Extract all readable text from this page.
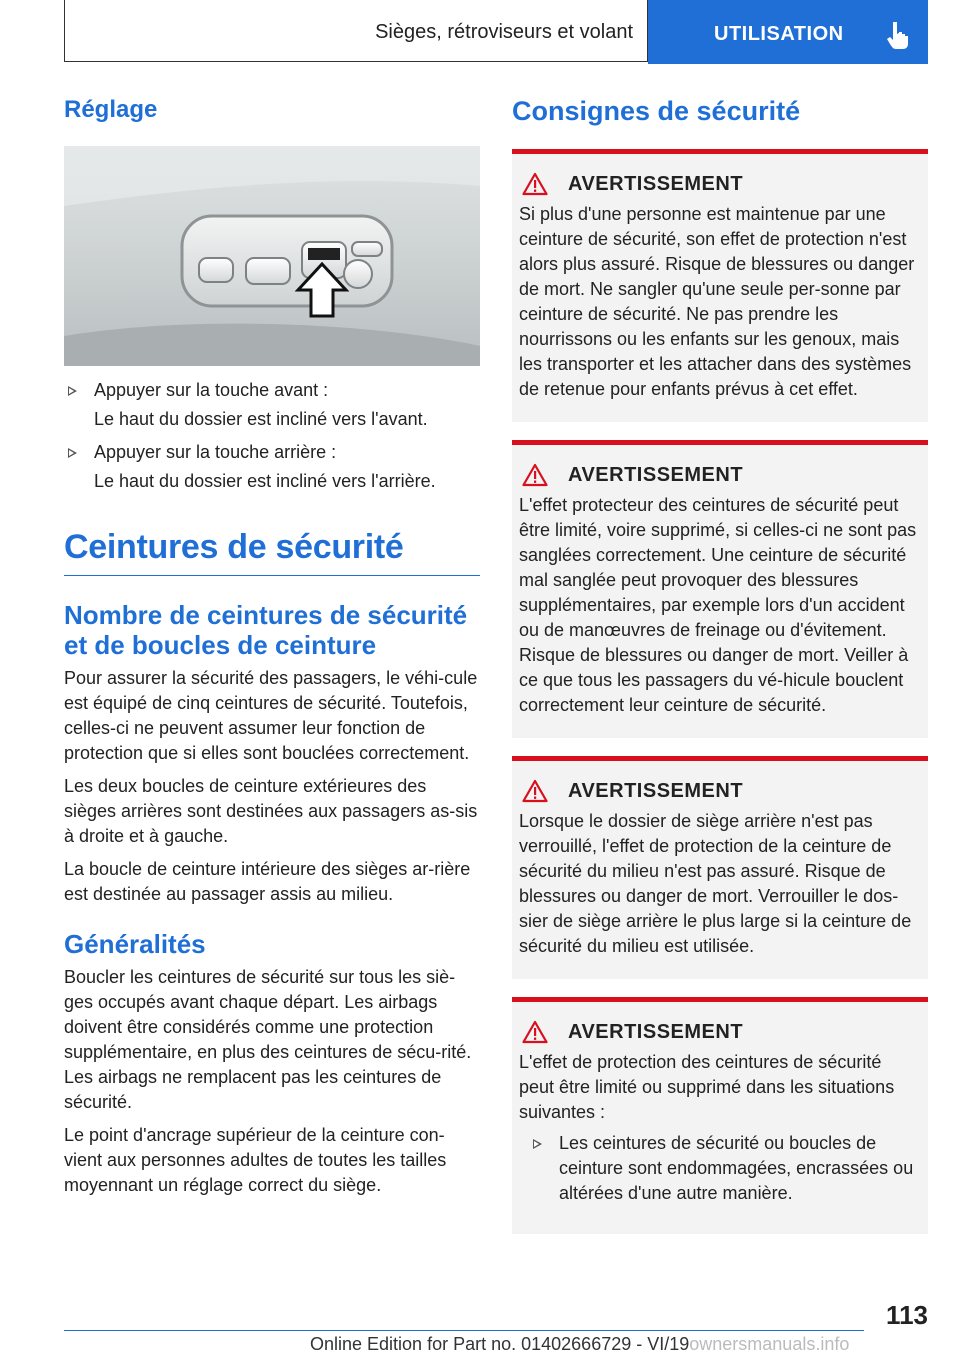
Sièges, rétroviseurs et volant	UTILISATION
Réglage
Appuyer sur la touche avant :
Le haut du dossier est incliné vers l'avant.
Appuyer sur la touche arrière :
Le haut du dossier est incliné vers l'arrière.
Ceintures de sécurité
Nombre de ceintures de sécurité et de boucles de ceinture

Pour assurer la sécurité des passagers, le véhi-cule est équipé de cinq ceintures de sécurité. Toutefois, celles-ci ne peuvent assumer leur fonction de protection que si elles sont bouclées correctement.

Les deux boucles de ceinture extérieures des sièges arrières sont destinées aux passagers as-sis à droite et à gauche.

La boucle de ceinture intérieure des sièges ar-rière est destinée au passager assis au milieu.

Généralités

Boucler les ceintures de sécurité sur tous les siè-ges occupés avant chaque départ. Les airbags doivent être considérés comme une protection supplémentaire, en plus des ceintures de sécu-rité. Les airbags ne remplacent pas les ceintures de sécurité.

Le point d'ancrage supérieur de la ceinture con-vient aux personnes adultes de toutes les tailles moyennant un réglage correct du siège.

Consignes de sécurité
AVERTISSEMENT

Si plus d'une personne est maintenue par une ceinture de sécurité, son effet de protection n'est alors plus assuré. Risque de blessures ou danger de mort. Ne sangler qu'une seule per-sonne par ceinture de sécurité. Ne pas prendre les nourrissons ou les enfants sur les genoux, mais les transporter et les attacher dans des systèmes de retenue pour enfants prévus à cet effet.

AVERTISSEMENT

L'effet protecteur des ceintures de sécurité peut être limité, voire supprimé, si celles-ci ne sont pas sanglées correctement. Une ceinture de sécurité mal sanglée peut provoquer des blessures supplémentaires, par exemple lors d'un accident ou de manœuvres de freinage ou d'évitement. Risque de blessures ou danger de mort. Veiller à ce que tous les passagers du vé-hicule bouclent correctement leur ceinture de sécurité.

AVERTISSEMENT

Lorsque le dossier de siège arrière n'est pas verrouillé, l'effet de protection de la ceinture de sécurité du milieu n'est pas assuré. Risque de blessures ou danger de mort. Verrouiller le dos-sier de siège arrière le plus large si la ceinture de sécurité du milieu est utilisée.

AVERTISSEMENT

L'effet de protection des ceintures de sécurité peut être limité ou supprimé dans les situations suivantes :

Les ceintures de sécurité ou boucles de ceinture sont endommagées, encrassées ou altérées d'une autre manière.
113
Online Edition for Part no. 01402666729 - VI/19ownersmanuals.info
